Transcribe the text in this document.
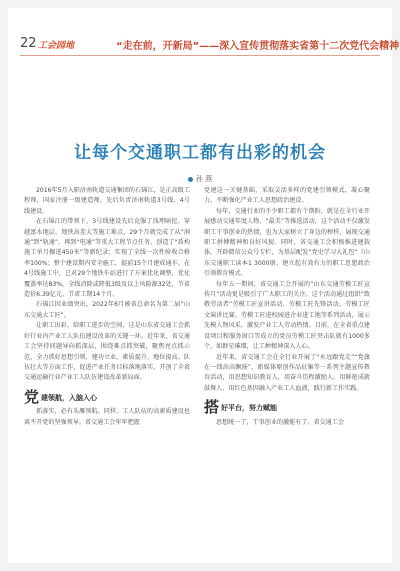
22 工会园地	“走在前，开新局”——深入宣传贯彻落实省第十二次党代会精神
让每个交通职工都有出彩的机会
孙 燕

2016年5月入职济南轨道交通集团的石锦江，是正高级工程师，国家注册一级建造师，先后负责济南轨道3号线、4号线建设。

在石锦江的带领下，3号线建设先后克服了浅埋暗挖、穿越富水地层、地铁高差大等施工难点，29个月就完成了从“洞通”到“轨通”，再到“电通”等重大工程节点任务，创造了“盾构施工单月掘进450米”等新纪录；实现了全线一次性验收合格率100%；整个建设期内安全施工，提前15个月建成通车。在4号线施工中，已对29个地铁车站进行了方案优化调整，优化覆盖率达83%，全线消除或降低3级及以上风险源32处，节省造价6.39亿元，节省工期14个月。

石锦江因业绩突出，2022年6月被省总命名为第二届“山东交通大工匠”。

让职工出彩，给职工进步的空间，这是山东省交通工会抓好行业内产业工人队伍建设改革的关键一环。近年来，省交通工会坚持问题导向抓深层，围绕难点抓突破，聚焦亮点抓示范，全力抓好思想引领、建功立业、素质提升、地位提高、队伍壮大等方面工作，促进产业任务目标落地落实，开创了全省交通运输行业产业工人队伍建设改革新局面。

党建领航，入脑入心

抓落实，必有头雁领航。同样，工人队伍的高素质建设也离不开党的坚强领导。省交通工会牢牢把握

党建这一关键基础，采取灵活多样的党建引领模式，凝心聚力，不断强化产业工人思想政治建设。

每年，交通行业的不少职工都有个期盼，就是在全行业开展感动交通年度人物、“最美”等推选活动，这个活动不仅激发职工干事创业的热情，也为大家树立了身边的榜样，展现交通职工拼搏精神和良好风貌。同时，省交通工会积极推进建载体，开辟微信公众号专栏，为基层配发“党史学习大礼包”（山东交通职工读本1 3000册，建立起有效有力的职工思想政治引领教育模式。

每年五一期间，省交通工会开展的“山东交通劳模工匠宣传月”活动更是吸引了广大职工的关注。这个活动通过组织“致敬劳动者”劳模工匠宣讲活动、劳模工匠先锋活动、劳模工匠文演讲比赛、劳模工匠进校园进企业进工地等系列活动，展示先模人物风采，激发产业工人劳动热情。目前，在全省重点建设项目和服务窗口等成立的党员劳模工匠突击队就有1000多个，如群星璀璨，让工种精神深入人心。

近年来，省交通工会在全行业开展了“永远跟党走”“党旗在一线高高飘扬”、新媒体原创作品征集等一系列主题宣传教育活动，用思想知识教育人，用奋斗历程激励人，用鲜艳成就鼓舞人，用红色基因融入产业工人血液，践行新工作实践。

搭好平台，努力赋能

思想统一了，干事创业的激能有了。省交通工会
